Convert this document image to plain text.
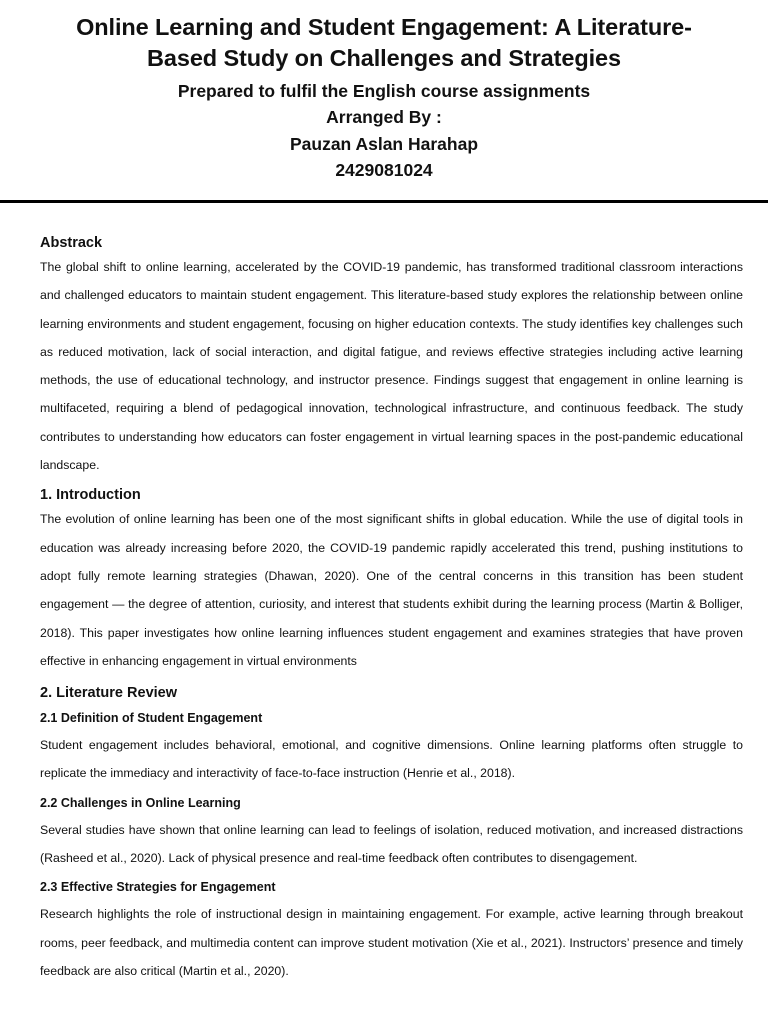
Online Learning and Student Engagement: A Literature-
Based Study on Challenges and Strategies

Prepared to fulfil the English course assignments

Arranged By :

Pauzan Aslan Harahap

2429081024

Abstrack

The global shift to online learning, accelerated by the COVID-19 pandemic, has transformed traditional classroom interactions and challenged educators to maintain student engagement. This literature-based study explores the relationship between online learning environments and student engagement, focusing on higher education contexts. The study identifies key challenges such as reduced motivation, lack of social interaction, and digital fatigue, and reviews effective strategies including active learning methods, the use of educational technology, and instructor presence. Findings suggest that engagement in online learning is multifaceted, requiring a blend of pedagogical innovation, technological infrastructure, and continuous feedback. The study contributes to understanding how educators can foster engagement in virtual learning spaces in the post-pandemic educational landscape.

1. Introduction

The evolution of online learning has been one of the most significant shifts in global education. While the use of digital tools in education was already increasing before 2020, the COVID-19 pandemic rapidly accelerated this trend, pushing institutions to adopt fully remote learning strategies (Dhawan, 2020). One of the central concerns in this transition has been student engagement — the degree of attention, curiosity, and interest that students exhibit during the learning process (Martin & Bolliger, 2018). This paper investigates how online learning influences student engagement and examines strategies that have proven effective in enhancing engagement in virtual environments

2. Literature Review
2.1 Definition of Student Engagement

Student engagement includes behavioral, emotional, and cognitive dimensions. Online learning platforms often struggle to replicate the immediacy and interactivity of face-to-face instruction (Henrie et al., 2018).

2.2 Challenges in Online Learning

Several studies have shown that online learning can lead to feelings of isolation, reduced motivation, and increased distractions (Rasheed et al., 2020). Lack of physical presence and real-time feedback often contributes to disengagement.

2.3 Effective Strategies for Engagement

Research highlights the role of instructional design in maintaining engagement. For example, active learning through breakout rooms, peer feedback, and multimedia content can improve student motivation (Xie et al., 2021). Instructors’ presence and timely feedback are also critical (Martin et al., 2020).
